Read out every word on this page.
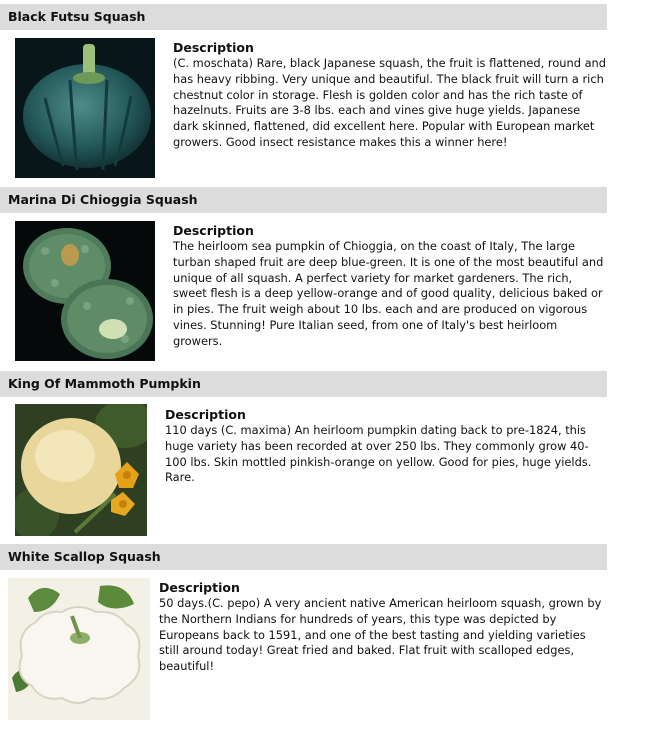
Black Futsu Squash
Description
(C. moschata) Rare, black Japanese squash, the fruit is flattened, round and has heavy ribbing. Very unique and beautiful. The black fruit will turn a rich chestnut color in storage. Flesh is golden color and has the rich taste of hazelnuts. Fruits are 3-8 lbs. each and vines give huge yields. Japanese dark skinned, flattened, did excellent here. Popular with European market growers. Good insect resistance makes this a winner here!
Marina Di Chioggia Squash
Description
The heirloom sea pumpkin of Chioggia, on the coast of Italy, The large turban shaped fruit are deep blue-green. It is one of the most beautiful and unique of all squash. A perfect variety for market gardeners. The rich, sweet flesh is a deep yellow-orange and of good quality, delicious baked or in pies. The fruit weigh about 10 lbs. each and are produced on vigorous vines. Stunning! Pure Italian seed, from one of Italy's best heirloom growers.
King Of Mammoth Pumpkin
Description
110 days (C. maxima) An heirloom pumpkin dating back to pre-1824, this huge variety has been recorded at over 250 lbs. They commonly grow 40-100 lbs. Skin mottled pinkish-orange on yellow. Good for pies, huge yields. Rare.
White Scallop Squash
Description
50 days.(C. pepo) A very ancient native American heirloom squash, grown by the Northern Indians for hundreds of years, this type was depicted by Europeans back to 1591, and one of the best tasting and yielding varieties still around today! Great fried and baked. Flat fruit with scalloped edges, beautiful!
